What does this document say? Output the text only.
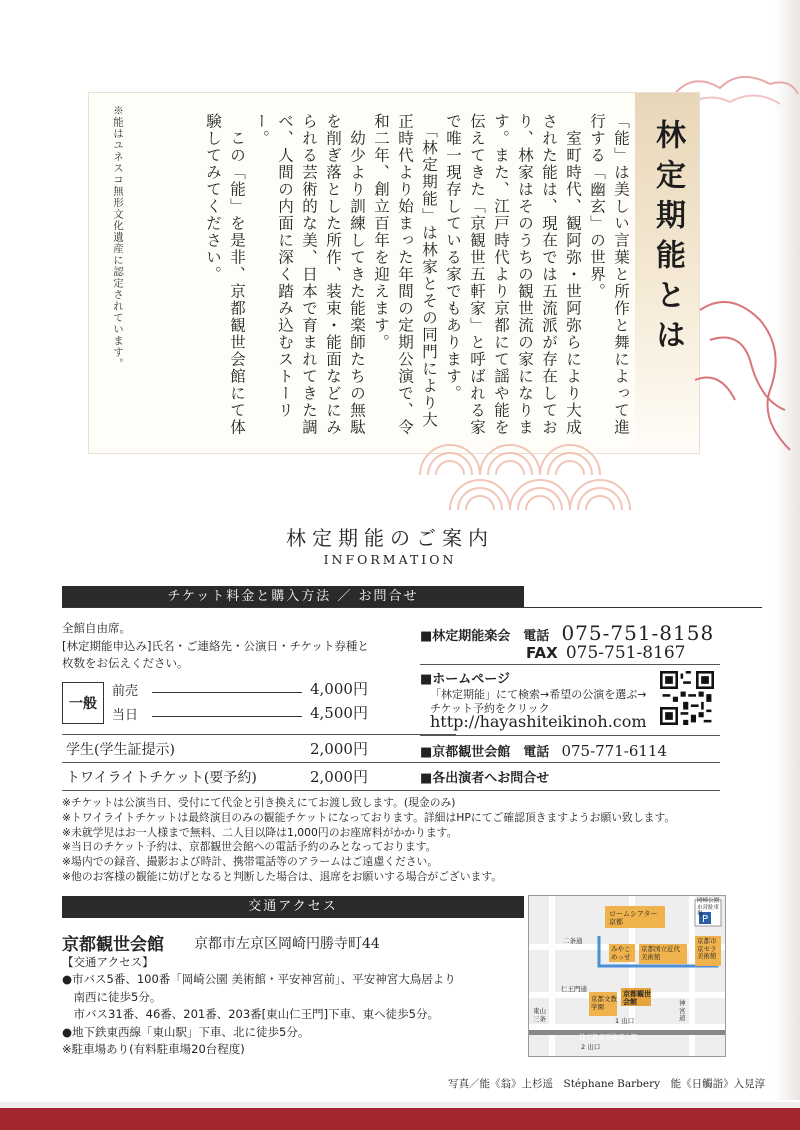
林定期能とは
「能」は美しい言葉と所作と舞によって進行する「幽玄」の世界。
　室町時代、観阿弥・世阿弥らにより大成された能は、現在では五流派が存在しており、林家はそのうちの観世流の家になります。また、江戸時代より京都にて謡や能を伝えてきた「京観世五軒家」と呼ばれる家で唯一現存している家でもあります。
　「林定期能」は林家とその同門により大正時代より始まった年間の定期公演で、令和二年、創立百年を迎えます。
　幼少より訓練してきた能楽師たちの無駄を削ぎ落とした所作、装束・能面などにみられる芸術的な美、日本で育まれてきた調べ、人間の内面に深く踏み込むストーリー。
　この「能」を是非、京都観世会館にて体験してみてください。
※能はユネスコ無形文化遺産に認定されています。
林定期能のご案内
INFORMATION
チケット料金と購入方法 ／ お問合せ
全館自由席。
[林定期能申込み]氏名・ご連絡先・公演日・チケット券種と
枚数をお伝えください。
一般
前売	4,000円
当日	4,500円
学生(学生証提示)	2,000円
トワイライトチケット(要予約)	2,000円
■林定期能楽会　電話 075-751-8158
FAX 075-751-8167
■ホームページ
「林定期能」にて検索→希望の公演を選ぶ→
チケット予約をクリック
http://hayashiteikinoh.com
■京都観世会館　電話 075-771-6114
■各出演者へお問合せ
※チケットは公演当日、受付にて代金と引き換えにてお渡し致します。(現金のみ)
※トワイライトチケットは最終演目のみの観能チケットになっております。詳細はHPにてご確認頂きますようお願い致します。
※未就学児はお一人様まで無料、二人目以降は1,000円のお座席料がかかります。
※当日のチケット予約は、京都観世会館への電話予約のみとなっております。
※場内での録音、撮影および時計、携帯電話等のアラームはご遠慮ください。
※他のお客様の観能に妨げとなると判断した場合は、退席をお願いする場合がございます。
交通アクセス
京都観世会館 京都市左京区岡崎円勝寺町44
【交通アクセス】
●市バス5番、100番「岡崎公園 美術館・平安神宮前」、平安神宮大鳥居より
　南西に徒歩5分。
　市バス31番、46番、201番、203番[東山仁王門]下車、東へ徒歩5分。
●地下鉄東西線「東山駅」下車、北に徒歩5分。
※駐車場あり(有料駐車場20台程度)
P
ロームシアター京都
京都国立近代美術館
みやこめっせ
京都市京セラ美術館
京都観世会館
京都文教学園
岡崎公園市営駐車場
二条通
仁王門通
東山三条
神宮道
地下鉄東西線東山駅
1 出口
2 出口
写真／能《翁》上杉遥　Stéphane Barbery　能《日觸詣》入見淳
